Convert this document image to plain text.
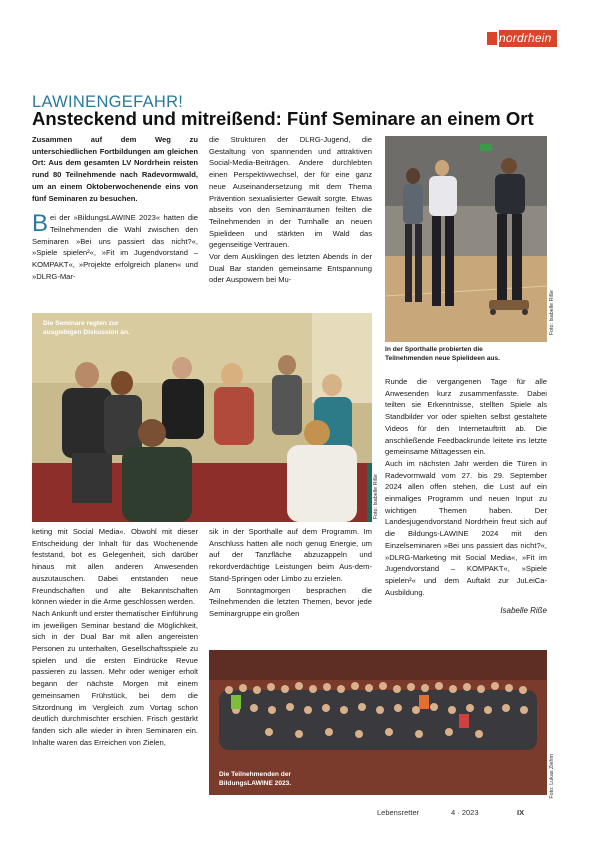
nordrhein
LAWINENGEFAHR!
Ansteckend und mitreißend: Fünf Seminare an einem Ort

Zusammen auf dem Weg zu unterschiedlichen Fortbildungen am gleichen Ort: Aus dem gesamten LV Nordrhein reisten rund 80 Teilnehmende nach Radevormwald, um an einem Oktoberwochenende eins von fünf Seminaren zu besuchen.

Bei der »BildungsLAWINE 2023« hatten die Teilnehmenden die Wahl zwischen den Seminaren »Bei uns passiert das nicht?«, »Spiele spielen²«, »Fit im Jugendvorstand – KOMPAKT«, »Projekte erfolgreich planen« und »DLRG-Mar-

die Strukturen der DLRG-Jugend, die Gestaltung von spannenden und attraktiven Social-Media-Beiträgen. Andere durchlebten einen Perspektivwechsel, der für eine ganz neue Auseinandersetzung mit dem Thema Prävention sexualisierter Gewalt sorgte. Etwas abseits von den Seminarräumen feilten die Teilnehmenden in der Turnhalle an neuen Spielideen und stärkten im Wald das gegenseitige Vertrauen.

Vor dem Ausklingen des letzten Abends in der Dual Bar standen gemeinsame Entspannung oder Auspowern bei Mu-

Foto: Isabelle Riße
In der Sporthalle probierten die Teilnehmenden neue Spielideen aus.
Die Seminare regten zur ausgiebigen Diskussion an.
Foto: Isabelle Riße

keting mit Social Media«. Obwohl mit dieser Entscheidung der Inhalt für das Wochenende feststand, bot es Gelegenheit, sich darüber hinaus mit allen anderen Anwesenden auszutauschen. Dabei entstanden neue Freundschaften und alte Bekanntschaften können wieder in die Arme geschlossen werden.

Nach Ankunft und erster thematischer Einführung im jeweiligen Seminar bestand die Möglichkeit, sich in der Dual Bar mit allen angereisten Personen zu unterhalten, Gesellschaftsspiele zu spielen und die ersten Eindrücke Revue passieren zu lassen. Mehr oder weniger erholt begann der nächste Morgen mit einem gemeinsamen Frühstück, bei dem die Sitzordnung im Vergleich zum Vortag schon deutlich durchmischter erschien. Frisch gestärkt fanden sich alle wieder in ihren Seminaren ein. Inhalte waren das Erreichen von Zielen,

sik in der Sporthalle auf dem Programm. Im Anschluss hatten alle noch genug Energie, um auf der Tanzfläche abzuzappeln und rekordverdächtige Leistungen beim Aus-dem-Stand-Springen oder Limbo zu erzielen.

Am Sonntagmorgen besprachen die Teilnehmenden die letzten Themen, bevor jede Seminargruppe ein großen

Runde die vergangenen Tage für alle Anwesenden kurz zusammenfasste. Dabei teilten sie Erkenntnisse, stellten Spiele als Standbilder vor oder spielten selbst gestaltete Videos für den Internetauftritt ab. Die anschließende Feedbackrunde leitete ins letzte gemeinsame Mittagessen ein.

Auch im nächsten Jahr werden die Türen in Radevormwald vom 27. bis 29. September 2024 allen offen stehen, die Lust auf ein einmaliges Programm und neuen Input zu wichtigen Themen haben. Der Landesjugendvorstand Nordrhein freut sich auf die Bildungs-LAWINE 2024 mit den Einzelseminaren »Bei uns passiert das nicht?«, »DLRG-Marketing mit Social Media«, »Fit im Jugendvorstand – KOMPAKT«, »Spiele spielen²« und dem Auftakt zur JuLeiCa-Ausbildung.

Isabelle Riße

Die Teilnehmenden der BildungsLAWINE 2023.	Foto: Lukas Ziehm
Lebensretter	4 · 2023	IX
